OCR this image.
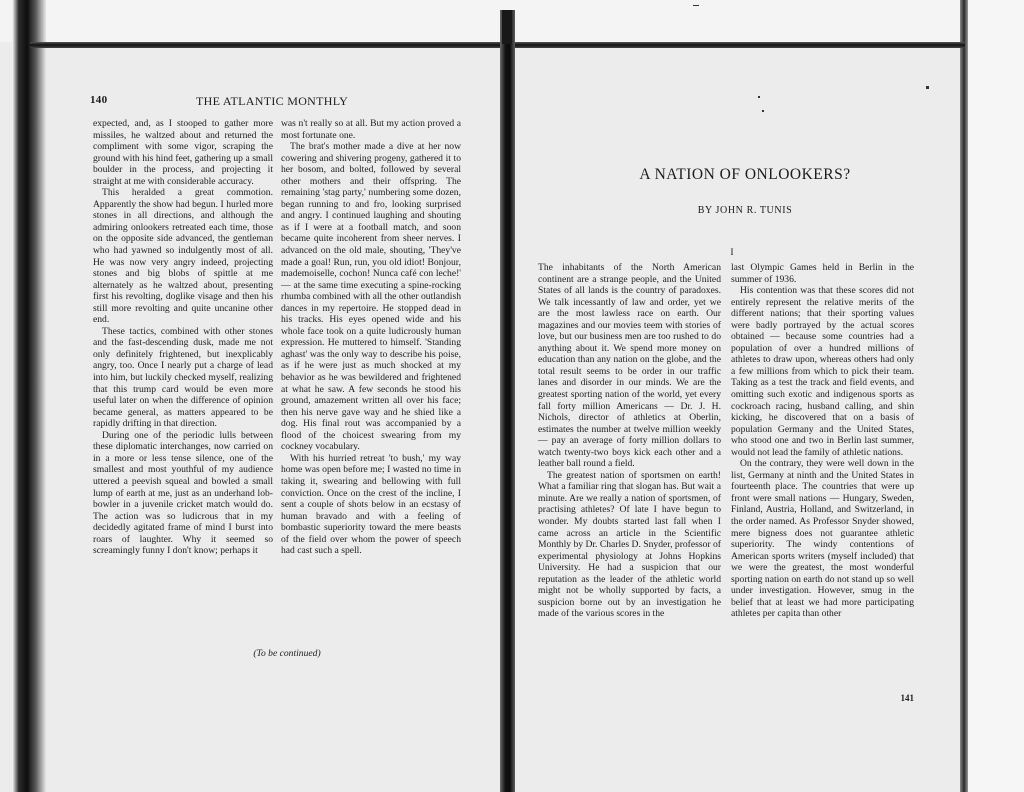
140	THE ATLANTIC MONTHLY

expected, and, as I stooped to gather more missiles, he waltzed about and returned the compliment with some vigor, scraping the ground with his hind feet, gathering up a small boulder in the process, and projecting it straight at me with considerable accuracy.

This heralded a great commotion. Apparently the show had begun. I hurled more stones in all directions, and although the admiring onlookers retreated each time, those on the opposite side advanced, the gentleman who had yawned so indulgently most of all. He was now very angry indeed, projecting stones and big blobs of spittle at me alternately as he waltzed about, presenting first his revolting, doglike visage and then his still more revolting and quite uncanine other end.

These tactics, combined with other stones and the fast-descending dusk, made me not only definitely frightened, but inexplicably angry, too. Once I nearly put a charge of lead into him, but luckily checked myself, realizing that this trump card would be even more useful later on when the difference of opinion became general, as matters appeared to be rapidly drifting in that direction.

During one of the periodic lulls between these diplomatic interchanges, now carried on in a more or less tense silence, one of the smallest and most youthful of my audience uttered a peevish squeal and bowled a small lump of earth at me, just as an underhand lob-bowler in a juvenile cricket match would do. The action was so ludicrous that in my decidedly agitated frame of mind I burst into roars of laughter. Why it seemed so screamingly funny I don't know; perhaps it

was n't really so at all. But my action proved a most fortunate one.

The brat's mother made a dive at her now cowering and shivering progeny, gathered it to her bosom, and bolted, followed by several other mothers and their offspring. The remaining 'stag party,' numbering some dozen, began running to and fro, looking surprised and angry. I continued laughing and shouting as if I were at a football match, and soon became quite incoherent from sheer nerves. I advanced on the old male, shouting, 'They've made a goal! Run, run, you old idiot! Bonjour, mademoiselle, cochon! Nunca café con leche!' — at the same time executing a spine-rocking rhumba combined with all the other outlandish dances in my repertoire. He stopped dead in his tracks. His eyes opened wide and his whole face took on a quite ludicrously human expression. He muttered to himself. 'Standing aghast' was the only way to describe his poise, as if he were just as much shocked at my behavior as he was bewildered and frightened at what he saw. A few seconds he stood his ground, amazement written all over his face; then his nerve gave way and he shied like a dog. His final rout was accompanied by a flood of the choicest swearing from my cockney vocabulary.

With his hurried retreat 'to bush,' my way home was open before me; I wasted no time in taking it, swearing and bellowing with full conviction. Once on the crest of the incline, I sent a couple of shots below in an ecstasy of human bravado and with a feeling of bombastic superiority toward the mere beasts of the field over whom the power of speech had cast such a spell.

(To be continued)
A NATION OF ONLOOKERS?
BY JOHN R. TUNIS
I

The inhabitants of the North American continent are a strange people, and the United States of all lands is the country of paradoxes. We talk incessantly of law and order, yet we are the most lawless race on earth. Our magazines and our movies teem with stories of love, but our business men are too rushed to do anything about it. We spend more money on education than any nation on the globe, and the total result seems to be order in our traffic lanes and disorder in our minds. We are the greatest sporting nation of the world, yet every fall forty million Americans — Dr. J. H. Nichols, director of athletics at Oberlin, estimates the number at twelve million weekly — pay an average of forty million dollars to watch twenty-two boys kick each other and a leather ball round a field.

The greatest nation of sportsmen on earth! What a familiar ring that slogan has. But wait a minute. Are we really a nation of sportsmen, of practising athletes? Of late I have begun to wonder. My doubts started last fall when I came across an article in the Scientific Monthly by Dr. Charles D. Snyder, professor of experimental physiology at Johns Hopkins University. He had a suspicion that our reputation as the leader of the athletic world might not be wholly supported by facts, a suspicion borne out by an investigation he made of the various scores in the

last Olympic Games held in Berlin in the summer of 1936.

His contention was that these scores did not entirely represent the relative merits of the different nations; that their sporting values were badly portrayed by the actual scores obtained — because some countries had a population of over a hundred millions of athletes to draw upon, whereas others had only a few millions from which to pick their team. Taking as a test the track and field events, and omitting such exotic and indigenous sports as cockroach racing, husband calling, and shin kicking, he discovered that on a basis of population Germany and the United States, who stood one and two in Berlin last summer, would not lead the family of athletic nations.

On the contrary, they were well down in the list, Germany at ninth and the United States in fourteenth place. The countries that were up front were small nations — Hungary, Sweden, Finland, Austria, Holland, and Switzerland, in the order named. As Professor Snyder showed, mere bigness does not guarantee athletic superiority. The windy contentions of American sports writers (myself included) that we were the greatest, the most wonderful sporting nation on earth do not stand up so well under investigation. However, smug in the belief that at least we had more participating athletes per capita than other

141
